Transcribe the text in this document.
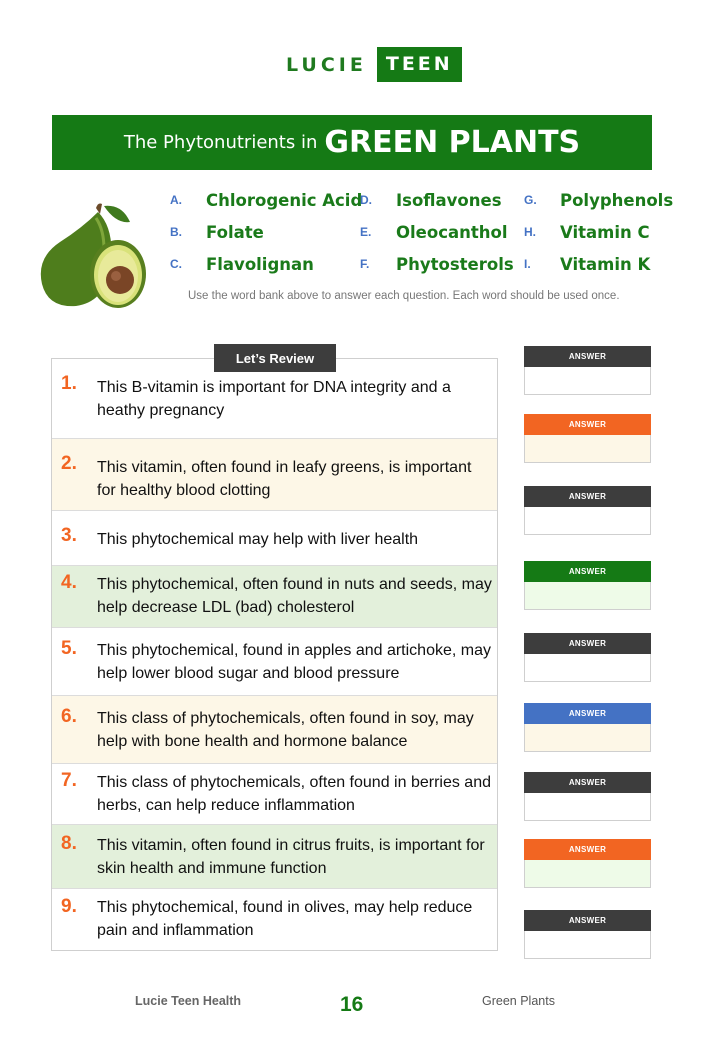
LUCIE	TEEN
The Phytonutrients in GREEN PLANTS
A.	Chlorogenic Acid
B.	Folate
C.	Flavolignan
D.	Isoflavones
E.	Oleocanthol
F.	Phytosterols
G.	Polyphenols
H.	Vitamin C
I.	Vitamin K
Use the word bank above to answer each question. Each word should be used once.
Let’s Review
1. This B-vitamin is important for DNA integrity and a heathy pregnancy
2. This vitamin, often found in leafy greens, is important for healthy blood clotting
3. This phytochemical may help with liver health
4. This phytochemical, often found in nuts and seeds, may help decrease LDL (bad) cholesterol
5. This phytochemical, found in apples and artichoke, may help lower blood sugar and blood pressure
6. This class of phytochemicals, often found in soy, may help with bone health and hormone balance
7. This class of phytochemicals, often found in berries and herbs, can help reduce inflammation
8. This vitamin, often found in citrus fruits, is important for skin health and immune function
9. This phytochemical, found in olives, may help reduce pain and inflammation
ANSWER
ANSWER
ANSWER
ANSWER
ANSWER
ANSWER
ANSWER
ANSWER
ANSWER
Lucie Teen Health	16	Green Plants
